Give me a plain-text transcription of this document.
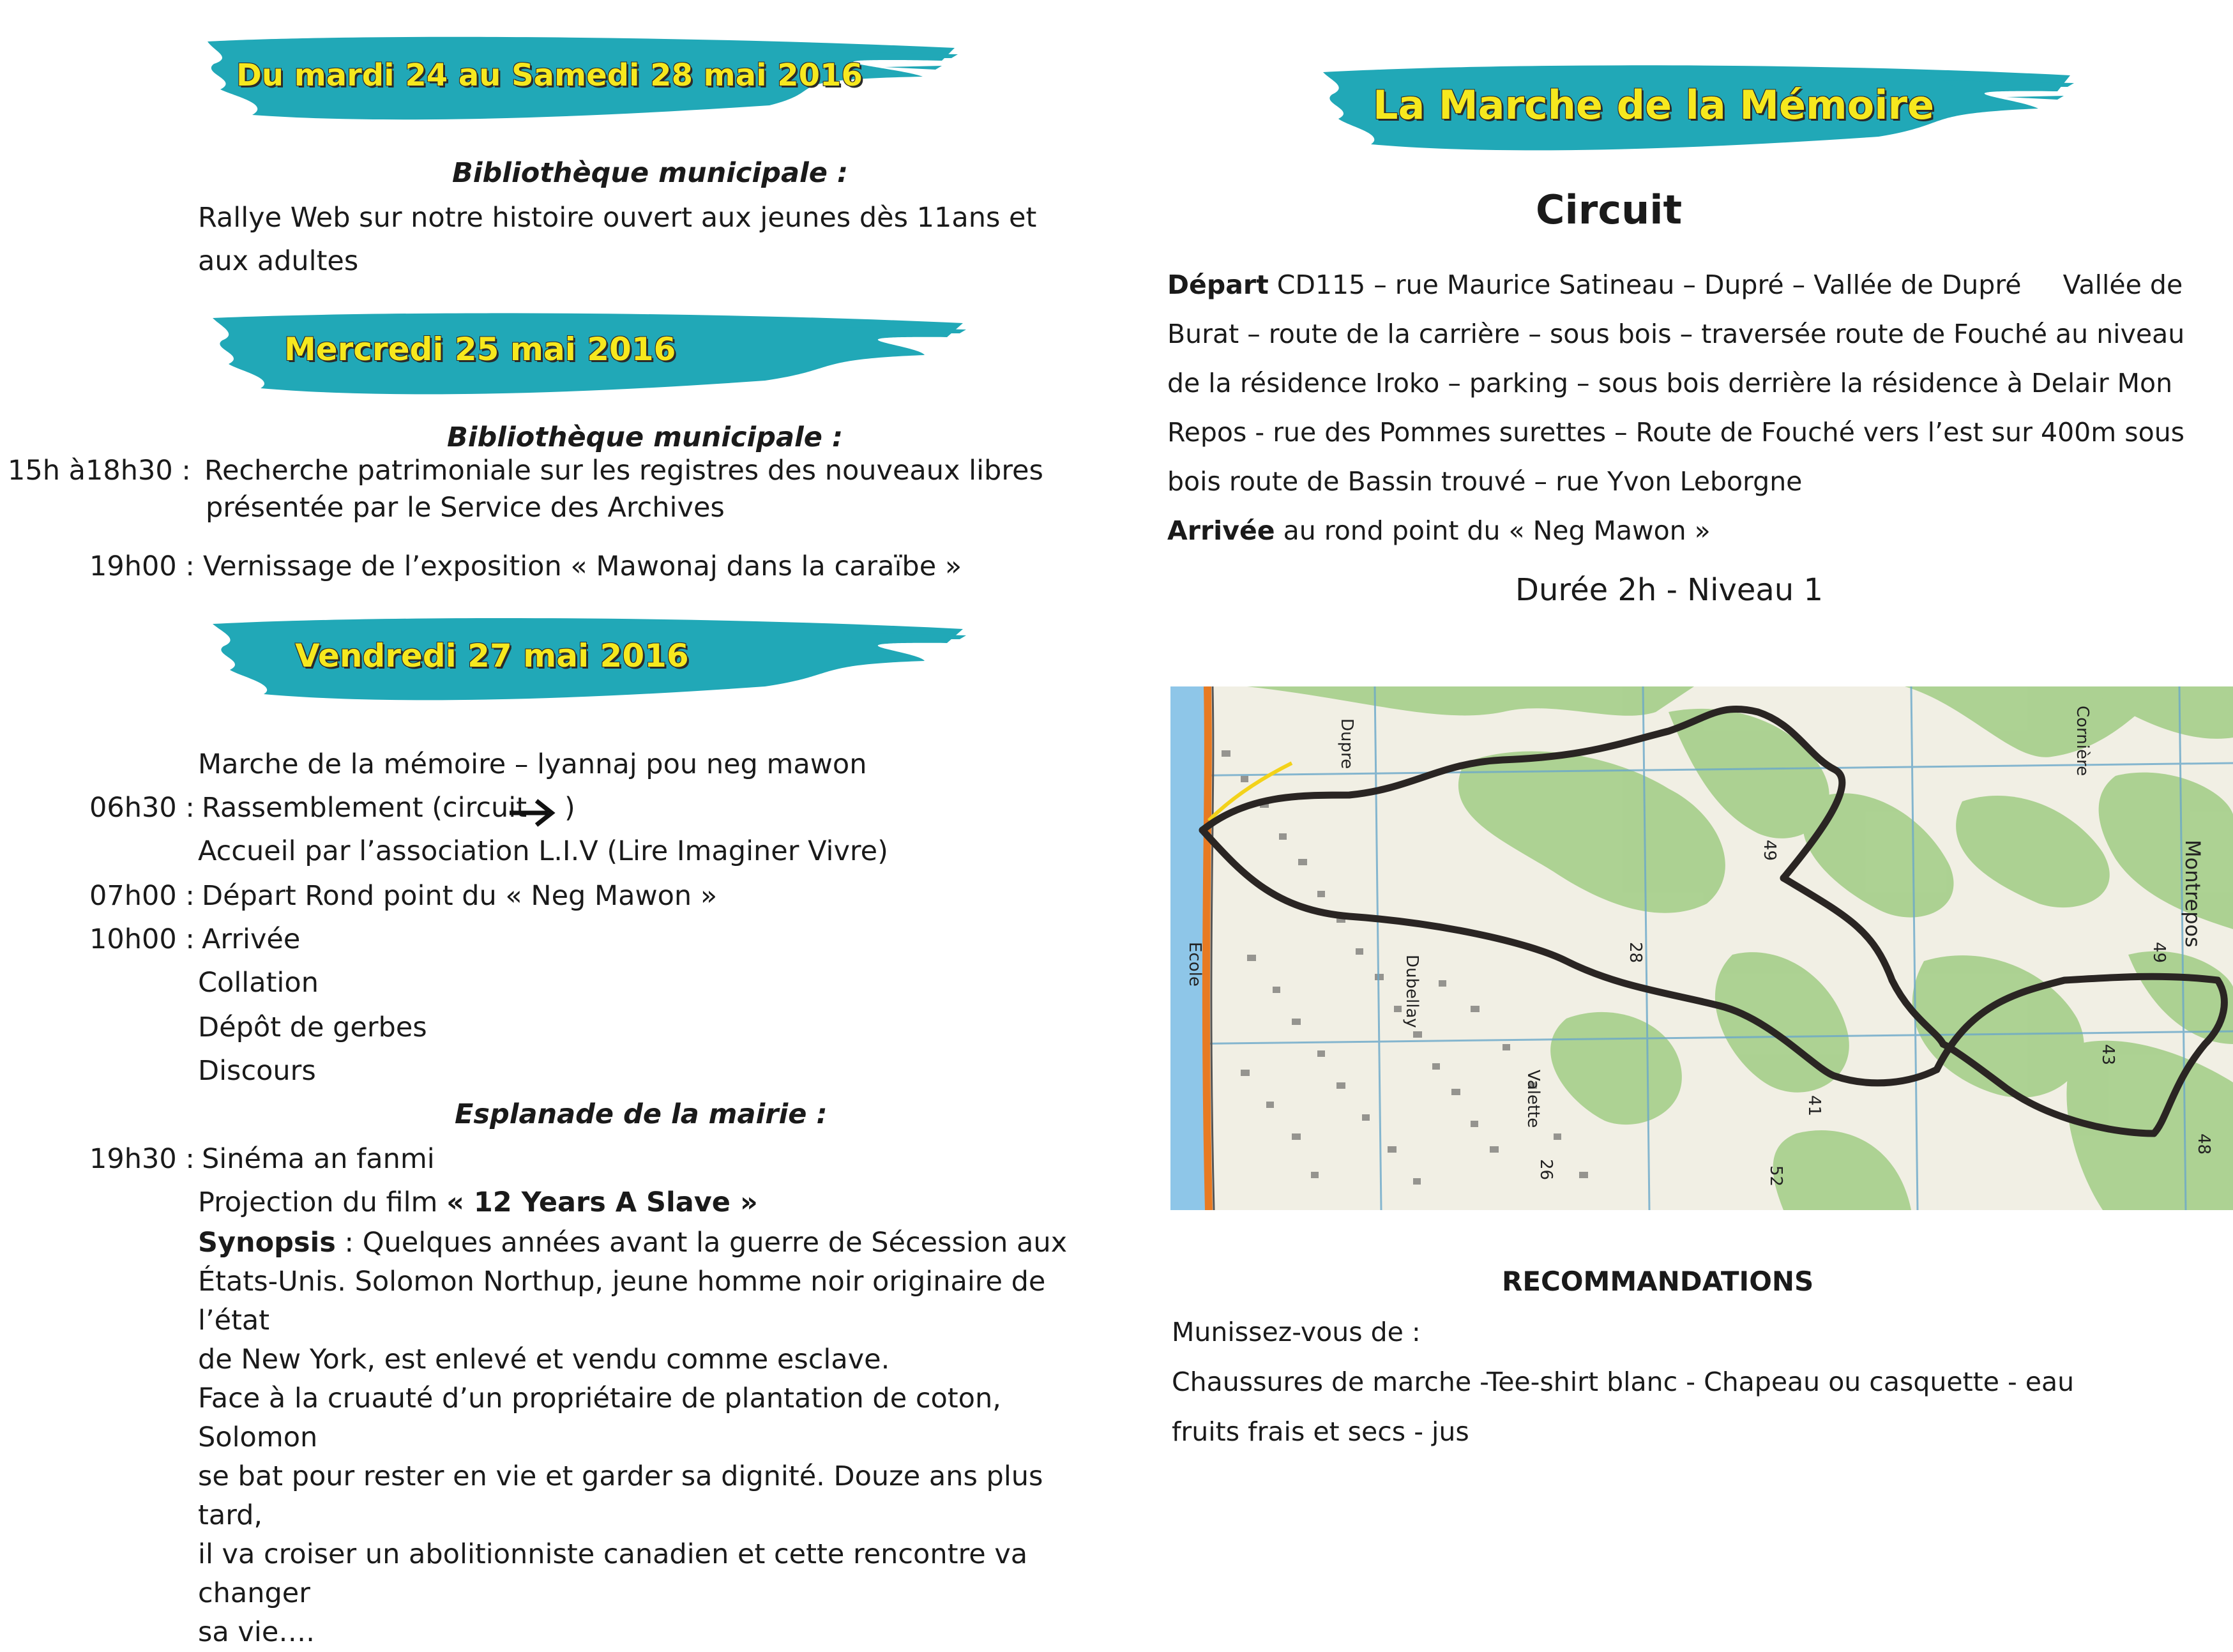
Du mardi 24 au Samedi 28 mai 2016
Bibliothèque municipale :
Rallye Web sur notre histoire ouvert aux jeunes dès 11ans et
aux adultes
Mercredi 25 mai 2016
Bibliothèque municipale :
15h à18h30 : Recherche patrimoniale sur les registres des nouveaux libres
présentée par le Service des Archives
19h00 : Vernissage de l’exposition « Mawonaj dans la caraïbe »
Vendredi 27 mai 2016
Marche de la mémoire – lyannaj pou neg mawon
06h30 : Rassemblement (circuit )
Accueil par l’association L.I.V (Lire Imaginer Vivre)
07h00 : Départ Rond point du « Neg Mawon »
10h00 : Arrivée
Collation
Dépôt de gerbes
Discours
Esplanade de la mairie :
19h30 : Sinéma an fanmi
Projection du film « 12 Years A Slave »
Synopsis : Quelques années avant la guerre de Sécession aux
États-Unis. Solomon Northup, jeune homme noir originaire de l’état
de New York, est enlevé et vendu comme esclave.
Face à la cruauté d’un propriétaire de plantation de coton, Solomon
se bat pour rester en vie et garder sa dignité. Douze ans plus tard,
il va croiser un abolitionniste canadien et cette rencontre va changer
sa vie….
La Marche de la Mémoire
Circuit
Départ CD115 – rue Maurice Satineau – Dupré – Vallée de Dupré     Vallée de
Burat – route de la carrière – sous bois – traversée route de Fouché au niveau
de la résidence Iroko – parking – sous bois derrière la résidence à Delair Mon
Repos - rue des Pommes surettes – Route de Fouché vers l’est sur 400m sous
bois route de Bassin trouvé – rue Yvon Leborgne
Arrivée au rond point du « Neg Mawon »
Durée 2h - Niveau 1
Dupre
Montrepos
Ecole	Dubellay
Valette
49
49
28
43
41
48
26	52
Cornière
RECOMMANDATIONS
Munissez-vous de :
Chaussures de marche -Tee-shirt blanc - Chapeau ou casquette - eau
fruits frais et secs - jus
